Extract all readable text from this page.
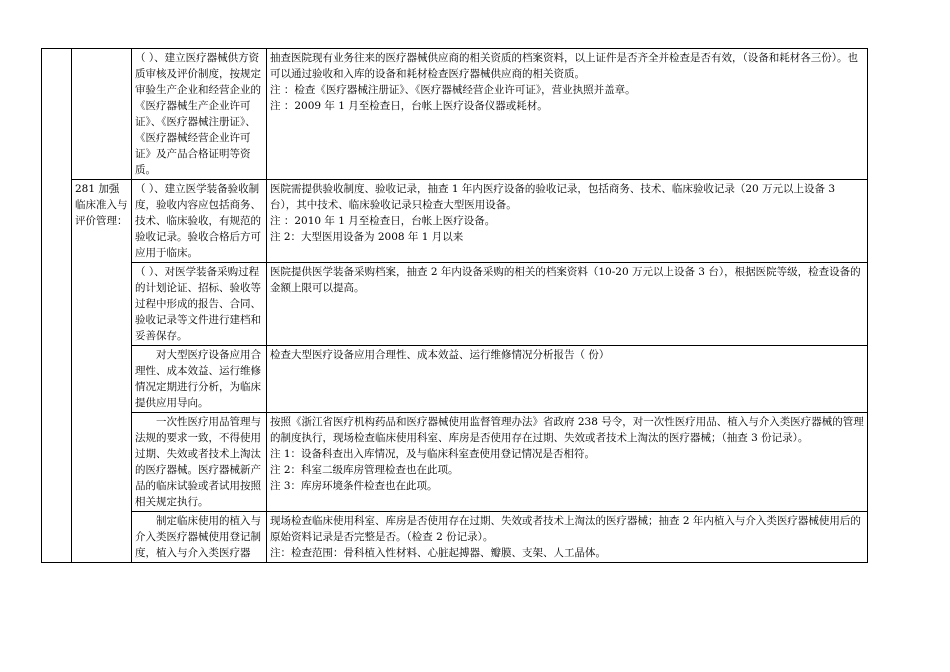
		（ ）、建立医疗器械供方资质审核及评价制度，按规定审验生产企业和经营企业的《医疗器械生产企业许可证》、《医疗器械注册证》、《医疗器械经营企业许可证》及产品合格证明等资质。	抽查医院现有业务往来的医疗器械供应商的相关资质的档案资料，以上证件是否齐全并检查是否有效，（设备和耗材各三份）。也可以通过验收和入库的设备和耗材检查医疗器械供应商的相关资质。
注 ：检查《医疗器械注册证》、《医疗器械经营企业许可证》，营业执照并盖章。
注 ：2009 年 1 月至检查日，台帐上医疗设备仪器或耗材。

	281 加强临床准入与评价管理：	（ ）、建立医学装备验收制度，验收内容应包括商务、技术、临床验收，有规范的验收记录。验收合格后方可应用于临床。	医院需提供验收制度、验收记录，抽查 1 年内医疗设备的验收记录，包括商务、技术、临床验收记录（20 万元以上设备 3 台），其中技术、临床验收记录只检查大型医用设备。
注 ：2010 年 1 月至检查日，台帐上医疗设备。
注 2：大型医用设备为 2008 年 1 月以来

		（ ）、对医学装备采购过程的计划论证、招标、验收等过程中形成的报告、合同、验收记录等文件进行建档和妥善保存。	医院提供医学装备采购档案，抽查 2 年内设备采购的相关的档案资料（10-20 万元以上设备 3 台），根据医院等级，检查设备的金额上限可以提高。

		对大型医疗设备应用合理性、成本效益、运行维修情况定期进行分析，为临床提供应用导向。	检查大型医疗设备应用合理性、成本效益、运行维修情况分析报告（ 份）

		一次性医疗用品管理与法规的要求一致，不得使用过期、失效或者技术上淘汰的医疗器械。医疗器械新产品的临床试验或者试用按照相关规定执行。	按照《浙江省医疗机构药品和医疗器械使用监督管理办法》省政府 238 号令，对一次性医疗用品、植入与介入类医疗器械的管理的制度执行，现场检查临床使用科室、库房是否使用存在过期、失效或者技术上淘汰的医疗器械；（抽查 3 份记录）。
注 1：设备科查出入库情况，及与临床科室查使用登记情况是否相符。
注 2：科室二级库房管理检查也在此项。
注 3：库房环境条件检查也在此项。

		制定临床使用的植入与介入类医疗器械使用登记制度，植入与介入类医疗器	现场检查临床使用科室、库房是否使用存在过期、失效或者技术上淘汰的医疗器械；抽查 2 年内植入与介入类医疗器械使用后的原始资料记录是否完整是否。（检查 2 份记录）。
注：检查范围：骨科植入性材料、心脏起搏器、瓣膜、支架、人工晶体。
